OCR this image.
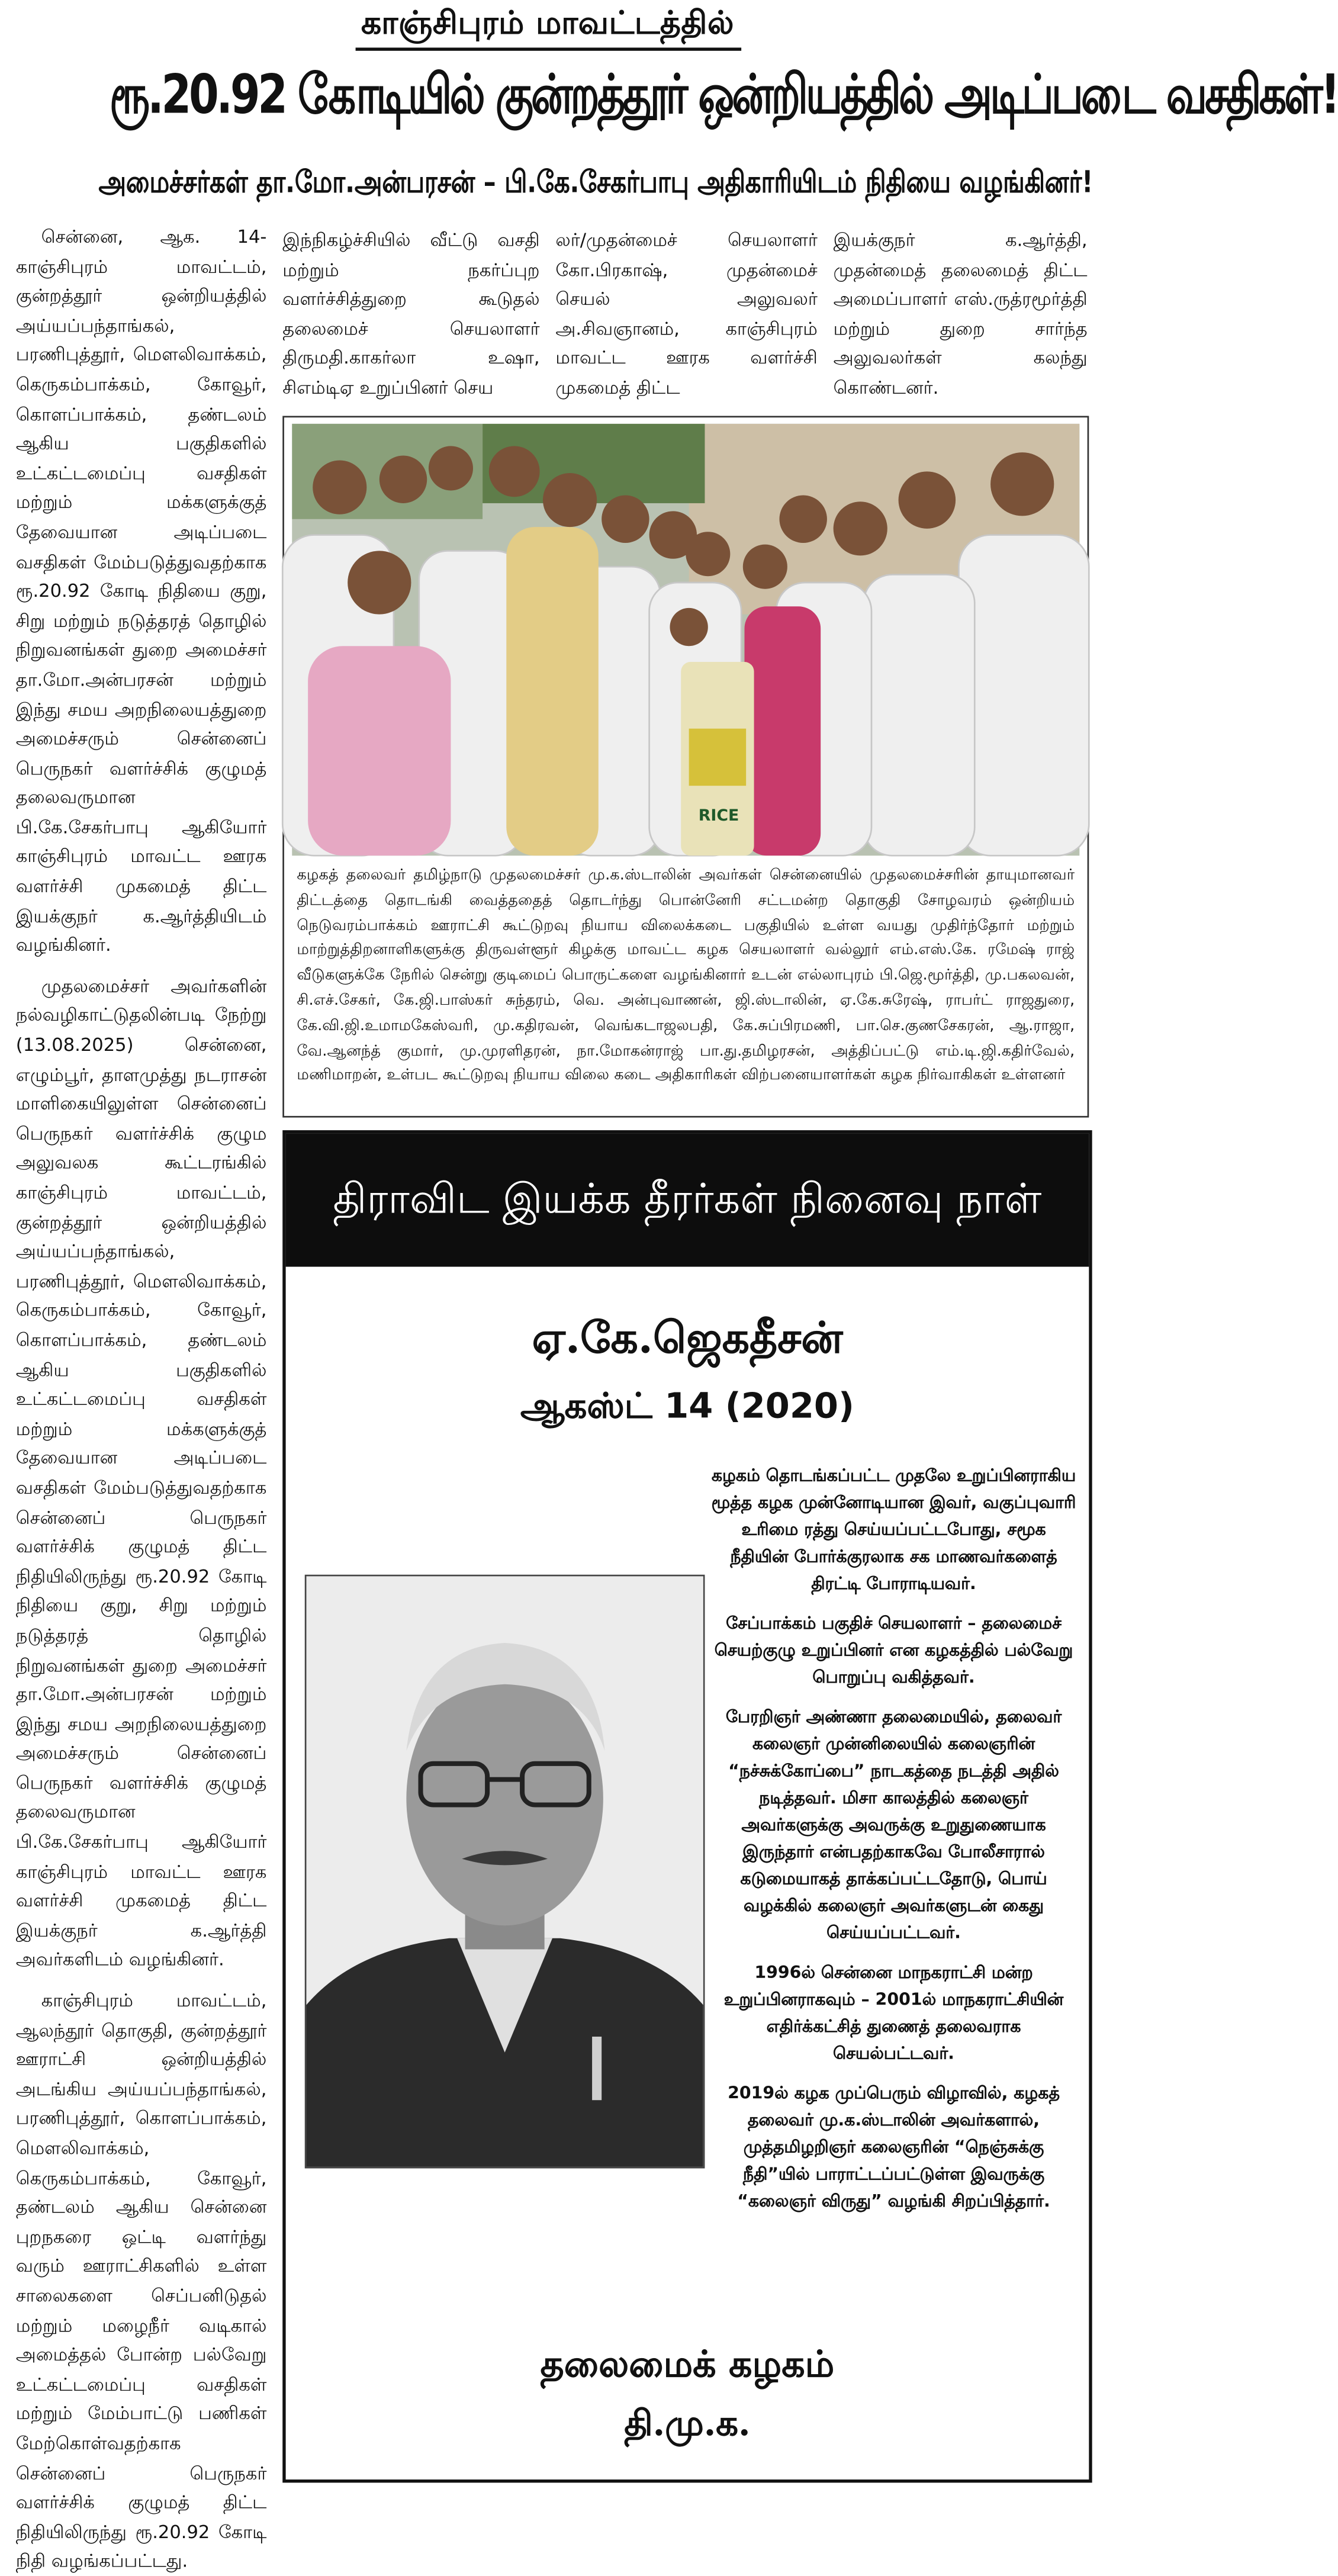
காஞ்சிபுரம் மாவட்டத்தில்
ரூ.20.92 கோடியில் குன்றத்தூர் ஒன்றியத்தில் அடிப்படை வசதிகள்!
அமைச்சர்கள் தா.மோ.அன்பரசன் – பி.கே.சேகர்பாபு அதிகாரியிடம் நிதியை வழங்கினர்!

சென்னை, ஆக. 14- காஞ்சிபுரம் மாவட்டம், குன்றத்தூர் ஒன்றியத்தில் அய்யப்பந்தாங்கல், பரணிபுத்தூர், மௌலிவாக்கம், கெருகம்பாக்கம், கோவூர், கொளப்பாக்கம், தண்டலம் ஆகிய பகுதிகளில் உட்கட்டமைப்பு வசதிகள் மற்றும் மக்களுக்குத் தேவையான அடிப்படை வசதிகள் மேம்படுத்துவதற்காக ரூ.20.92 கோடி நிதியை குறு, சிறு மற்றும் நடுத்தரத் தொழில் நிறுவனங்கள் துறை அமைச்சர் தா.மோ.அன்பரசன் மற்றும் இந்து சமய அறநிலையத்துறை அமைச்சரும் சென்னைப் பெருநகர் வளர்ச்சிக் குழுமத் தலைவருமான பி.கே.சேகர்பாபு ஆகியோர் காஞ்சிபுரம் மாவட்ட ஊரக வளர்ச்சி முகமைத் திட்ட இயக்குநர் க.ஆர்த்தியிடம் வழங்கினர்.

முதலமைச்சர் அவர்களின் நல்வழிகாட்டுதலின்படி நேற்று (13.08.2025) சென்னை, எழும்பூர், தாளமுத்து நடராசன் மாளிகையிலுள்ள சென்னைப் பெருநகர் வளர்ச்சிக் குழும அலுவலக கூட்டரங்கில் காஞ்சிபுரம் மாவட்டம், குன்றத்தூர் ஒன்றியத்தில் அய்யப்பந்தாங்கல், பரணிபுத்தூர், மௌலிவாக்கம், கெருகம்பாக்கம், கோவூர், கொளப்பாக்கம், தண்டலம் ஆகிய பகுதிகளில் உட்கட்டமைப்பு வசதிகள் மற்றும் மக்களுக்குத் தேவையான அடிப்படை வசதிகள் மேம்படுத்துவதற்காக சென்னைப் பெருநகர் வளர்ச்சிக் குழுமத் திட்ட நிதியிலிருந்து ரூ.20.92 கோடி நிதியை குறு, சிறு மற்றும் நடுத்தரத் தொழில் நிறுவனங்கள் துறை அமைச்சர் தா.மோ.அன்பரசன் மற்றும் இந்து சமய அறநிலையத்துறை அமைச்சரும் சென்னைப் பெருநகர் வளர்ச்சிக் குழுமத் தலைவருமான பி.கே.சேகர்பாபு ஆகியோர் காஞ்சிபுரம் மாவட்ட ஊரக வளர்ச்சி முகமைத் திட்ட இயக்குநர் க.ஆர்த்தி அவர்களிடம் வழங்கினர்.

காஞ்சிபுரம் மாவட்டம், ஆலந்தூர் தொகுதி, குன்றத்தூர் ஊராட்சி ஒன்றியத்தில் அடங்கிய அய்யப்பந்தாங்கல், பரணிபுத்தூர், கொளப்பாக்கம், மௌலிவாக்கம், கெருகம்பாக்கம், கோவூர், தண்டலம் ஆகிய சென்னை புறநகரை ஒட்டி வளர்ந்து வரும் ஊராட்சிகளில் உள்ள சாலைகளை செப்பனிடுதல் மற்றும் மழைநீர் வடிகால் அமைத்தல் போன்ற பல்வேறு உட்கட்டமைப்பு வசதிகள் மற்றும் மேம்பாட்டு பணிகள் மேற்கொள்வதற்காக சென்னைப் பெருநகர் வளர்ச்சிக் குழுமத் திட்ட நிதியிலிருந்து ரூ.20.92 கோடி நிதி வழங்கப்பட்டது.

இந்நிகழ்ச்சியில் வீட்டு வசதி மற்றும் நகர்ப்புற வளர்ச்சித்துறை கூடுதல் தலைமைச் செயலாளர் திருமதி.காகர்லா உஷா, சிஎம்டிஏ உறுப்பினர் செய

லர்/முதன்மைச் செயலாளர் கோ.பிரகாஷ், முதன்மைச் செயல் அலுவலர் அ.சிவஞானம், காஞ்சிபுரம் மாவட்ட ஊரக வளர்ச்சி முகமைத் திட்ட

இயக்குநர் க.ஆர்த்தி, முதன்மைத் தலைமைத் திட்ட அமைப்பாளர் எஸ்.ருத்ரமூர்த்தி மற்றும் துறை சார்ந்த அலுவலர்கள் கலந்து கொண்டனர்.

RICE
கழகத் தலைவர் தமிழ்நாடு முதலமைச்சர் மு.க.ஸ்டாலின் அவர்கள் சென்னையில் முதலமைச்சரின் தாயுமானவர் திட்டத்தை தொடங்கி வைத்ததைத் தொடர்ந்து பொன்னேரி சட்டமன்ற தொகுதி சோழவரம் ஒன்றியம் நெடுவரம்பாக்கம் ஊராட்சி கூட்டுறவு நியாய விலைக்கடை பகுதியில் உள்ள வயது முதிர்ந்தோர் மற்றும் மாற்றுத்திறனாளிகளுக்கு திருவள்ளூர் கிழக்கு மாவட்ட கழக செயலாளர் வல்லூர் எம்.எஸ்.கே. ரமேஷ் ராஜ் வீடுகளுக்கே நேரில் சென்று குடிமைப் பொருட்களை வழங்கினார் உடன் எல்லாபுரம் பி.ஜெ.மூர்த்தி, மு.பகலவன், சி.எச்.சேகர், கே.ஜி.பாஸ்கர் சுந்தரம், வெ. அன்புவாணன், ஜி.ஸ்டாலின், ஏ.கே.சுரேஷ், ராபர்ட் ராஜதுரை, கே.வி.ஜி.உமாமகேஸ்வரி, மு.கதிரவன், வெங்கடாஜலபதி, கே.சுப்பிரமணி, பா.செ.குணசேகரன், ஆ.ராஜா, வே.ஆனந்த் குமார், மு.முரளிதரன், நா.மோகன்ராஜ் பா.து.தமிழரசன், அத்திப்பட்டு எம்.டி.ஜி.கதிர்வேல், மணிமாறன், உள்பட கூட்டுறவு நியாய விலை கடை அதிகாரிகள் விற்பனையாளர்கள் கழக நிர்வாகிகள் உள்ளனர்
திராவிட இயக்க தீரர்கள் நினைவு நாள்
ஏ.கே.ஜெகதீசன்
ஆகஸ்ட் 14 (2020)

கழகம் தொடங்கப்பட்ட முதலே உறுப்பினராகிய மூத்த கழக முன்னோடியான இவர், வகுப்புவாரி உரிமை ரத்து செய்யப்பட்டபோது, சமூக நீதியின் போர்க்குரலாக சக மாணவர்களைத் திரட்டி போராடியவர்.

சேப்பாக்கம் பகுதிச் செயலாளர் – தலைமைச் செயற்குழு உறுப்பினர் என கழகத்தில் பல்வேறு பொறுப்பு வகித்தவர்.

பேரறிஞர் அண்ணா தலைமையில், தலைவர் கலைஞர் முன்னிலையில் கலைஞரின் “நச்சுக்கோப்பை” நாடகத்தை நடத்தி அதில் நடித்தவர். மிசா காலத்தில் கலைஞர் அவர்களுக்கு அவருக்கு உறுதுணையாக இருந்தார் என்பதற்காகவே போலீசாரால் கடுமையாகத் தாக்கப்பட்டதோடு, பொய் வழக்கில் கலைஞர் அவர்களுடன் கைது செய்யப்பட்டவர்.

1996ல் சென்னை மாநகராட்சி மன்ற உறுப்பினராகவும் – 2001ல் மாநகராட்சியின் எதிர்க்கட்சித் துணைத் தலைவராக செயல்பட்டவர்.

2019ல் கழக முப்பெரும் விழாவில், கழகத் தலைவர் மு.க.ஸ்டாலின் அவர்களால், முத்தமிழறிஞர் கலைஞரின் “நெஞ்சுக்கு நீதி”யில் பாராட்டப்பட்டுள்ள இவருக்கு “கலைஞர் விருது” வழங்கி சிறப்பித்தார்.

தலைமைக் கழகம்
தி.மு.க.
